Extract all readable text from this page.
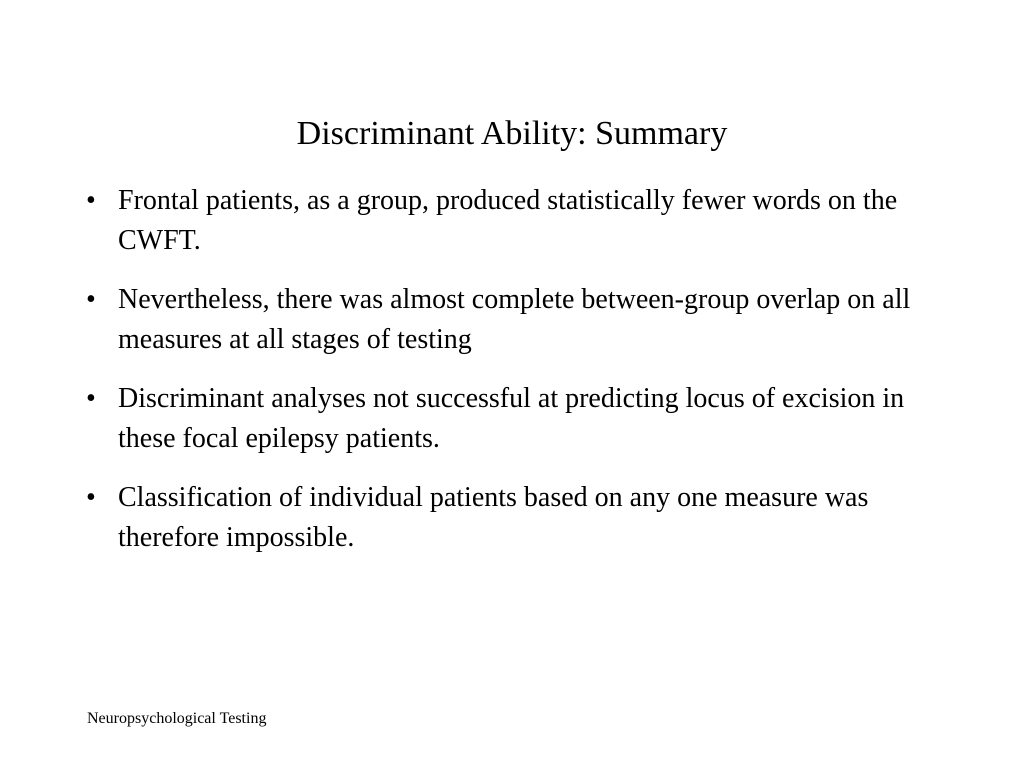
Discriminant Ability: Summary
• Frontal patients, as a group, produced statistically fewer words on the CWFT.
• Nevertheless, there was almost complete between-group overlap on all measures at all stages of testing
• Discriminant analyses not successful at predicting locus of excision in these focal epilepsy patients.
• Classification of individual patients based on any one measure was therefore impossible.
Neuropsychological Testing
